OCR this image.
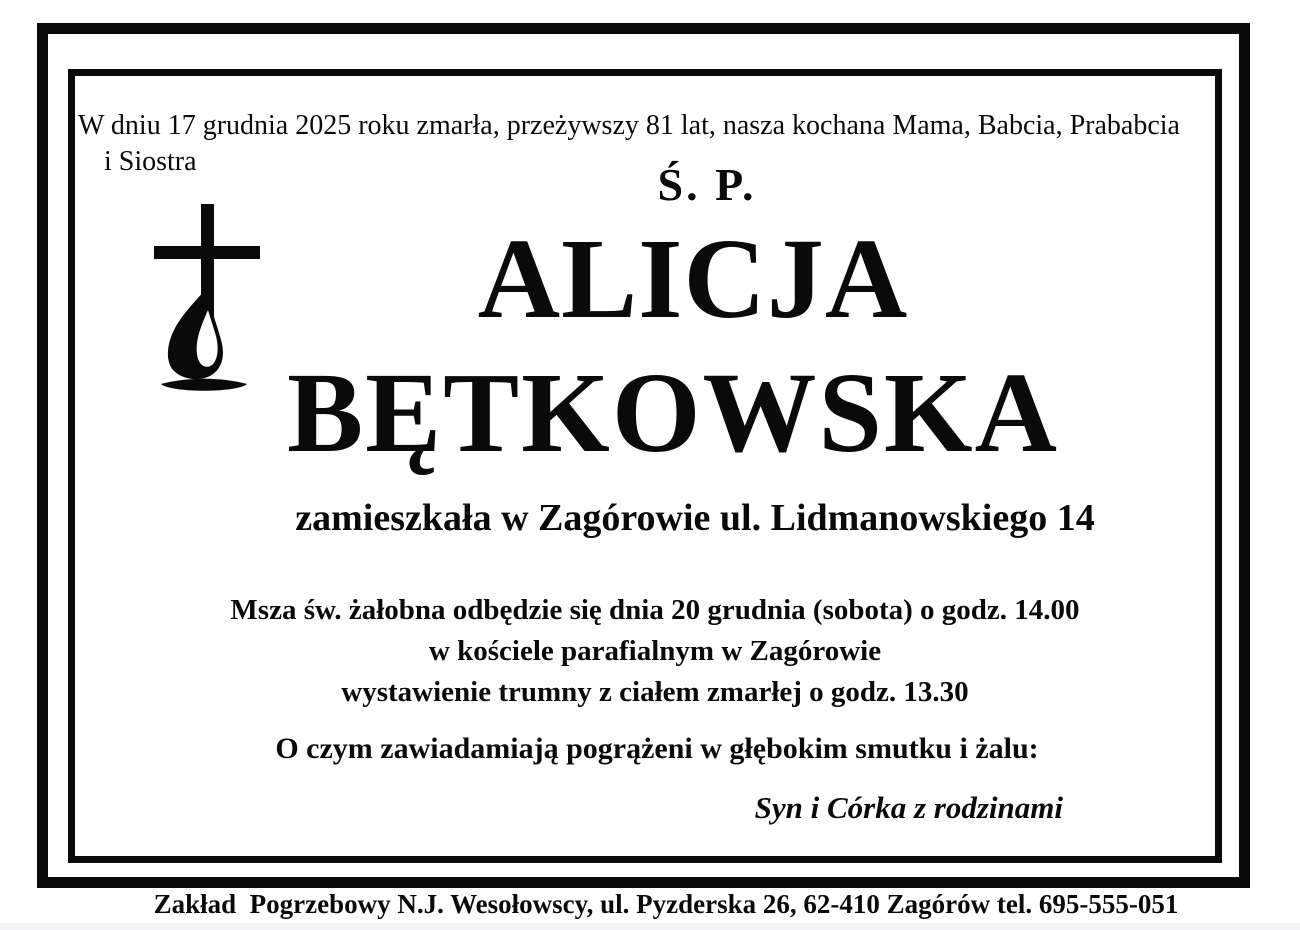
W dniu 17 grudnia 2025 roku zmarła, przeżywszy 81 lat, nasza kochana Mama, Babcia, Prababcia
i Siostra	Ś. P.
ALICJA
BĘTKOWSKA
zamieszkała w Zagórowie ul. Lidmanowskiego 14
Msza św. żałobna odbędzie się dnia 20 grudnia (sobota) o godz. 14.00
w kościele parafialnym w Zagórowie
wystawienie trumny z ciałem zmarłej o godz. 13.30
O czym zawiadamiają pogrążeni w głębokim smutku i żalu:
Syn i Córka z rodzinami
Zakład  Pogrzebowy N.J. Wesołowscy, ul. Pyzderska 26, 62-410 Zagórów tel. 695-555-051
